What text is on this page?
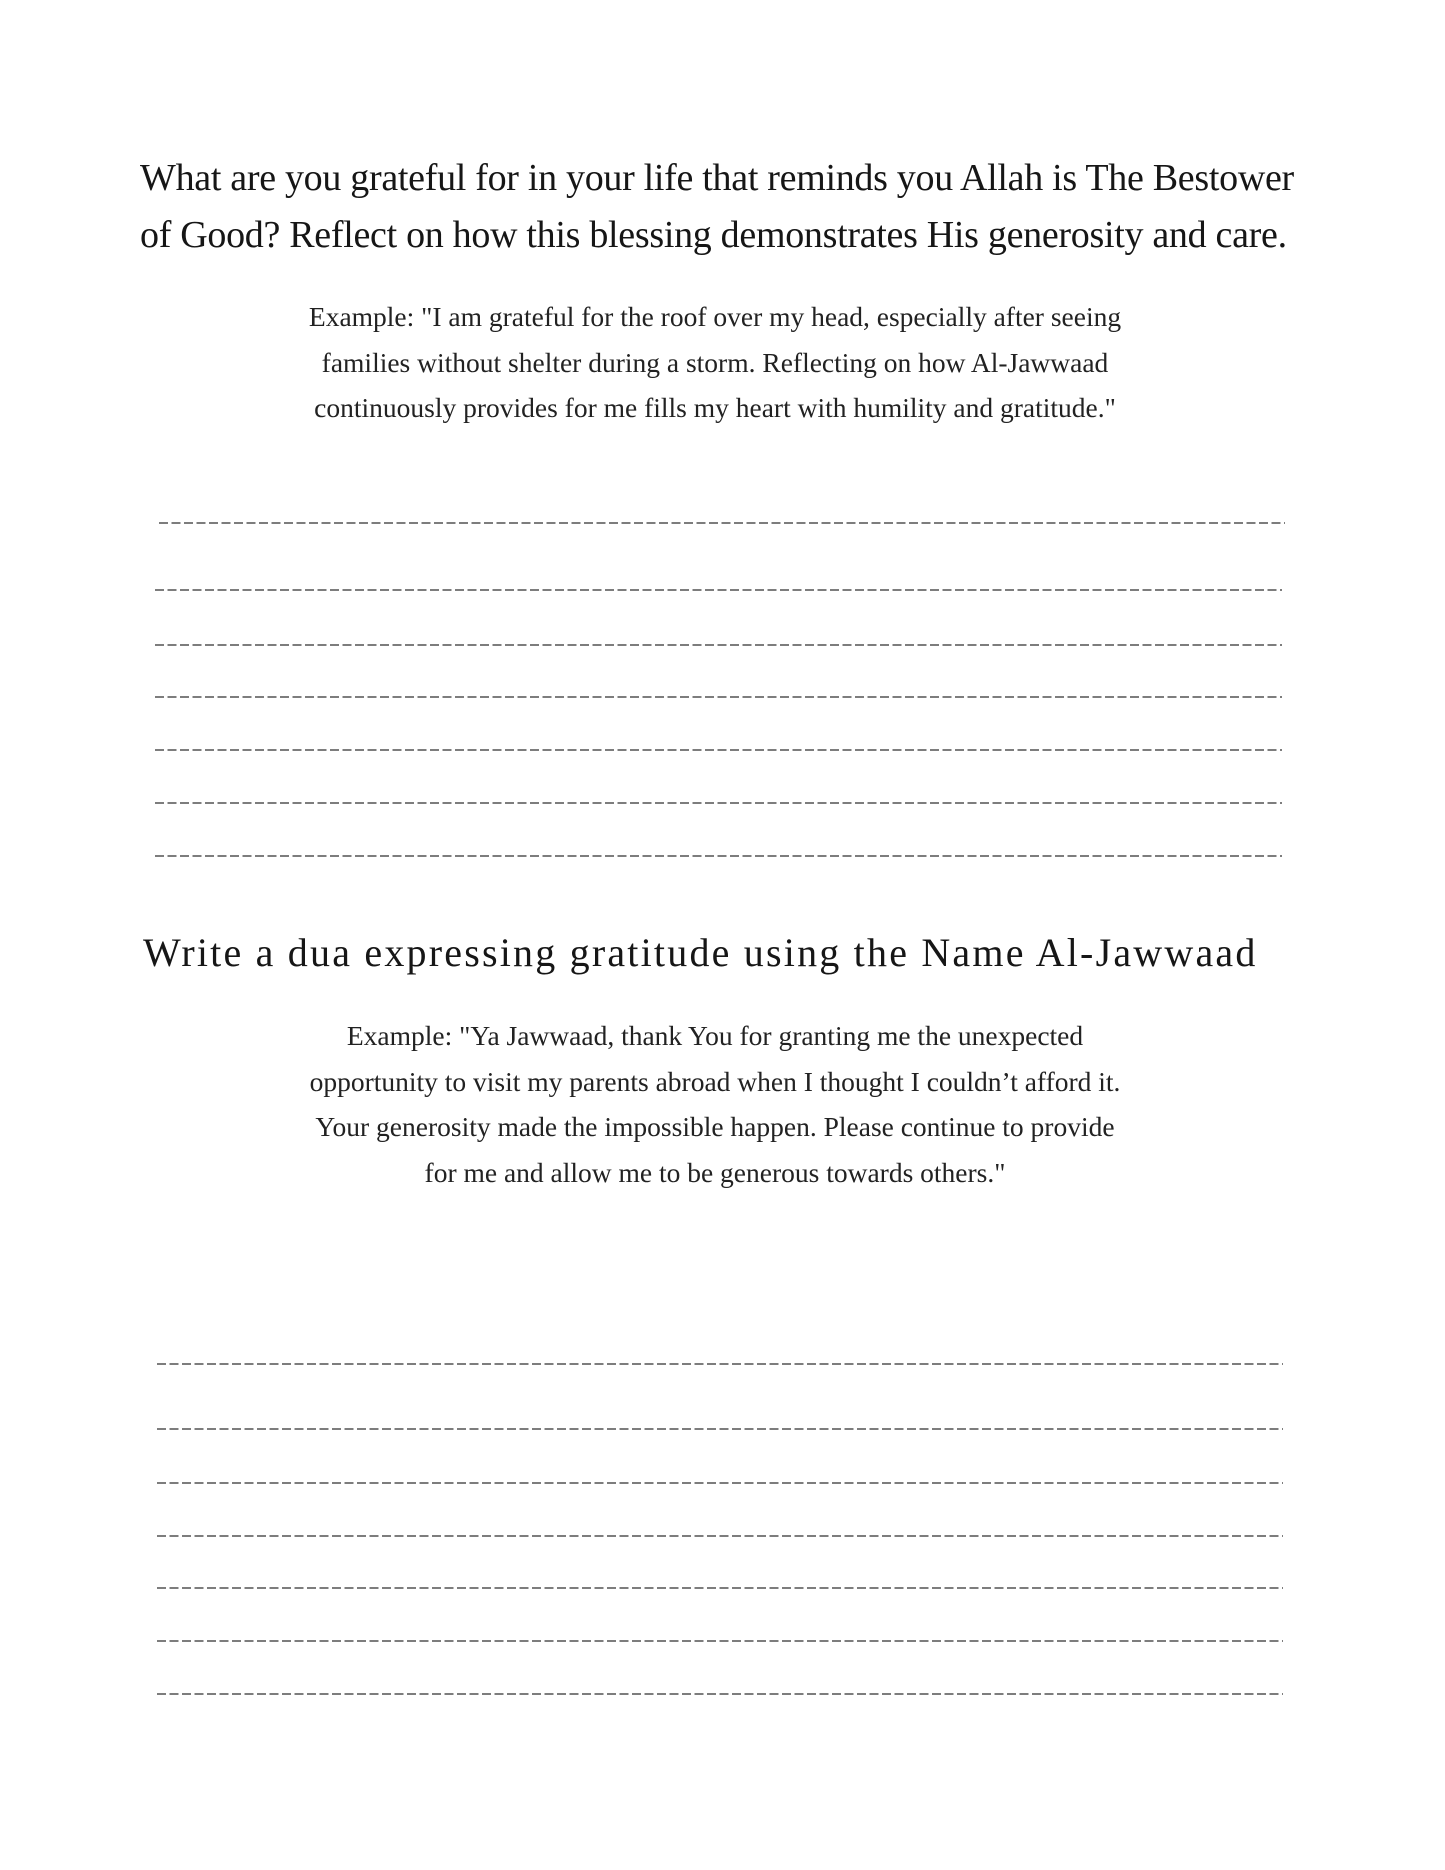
What are you grateful for in your life that reminds you Allah is The Bestower
of Good? Reflect on how this blessing demonstrates His generosity and care.
Example: "I am grateful for the roof over my head, especially after seeing
families without shelter during a storm. Reflecting on how Al-Jawwaad
continuously provides for me fills my heart with humility and gratitude."
Write a dua expressing gratitude using the Name Al-Jawwaad
Example: "Ya Jawwaad, thank You for granting me the unexpected
opportunity to visit my parents abroad when I thought I couldn’t afford it.
Your generosity made the impossible happen. Please continue to provide
for me and allow me to be generous towards others."
